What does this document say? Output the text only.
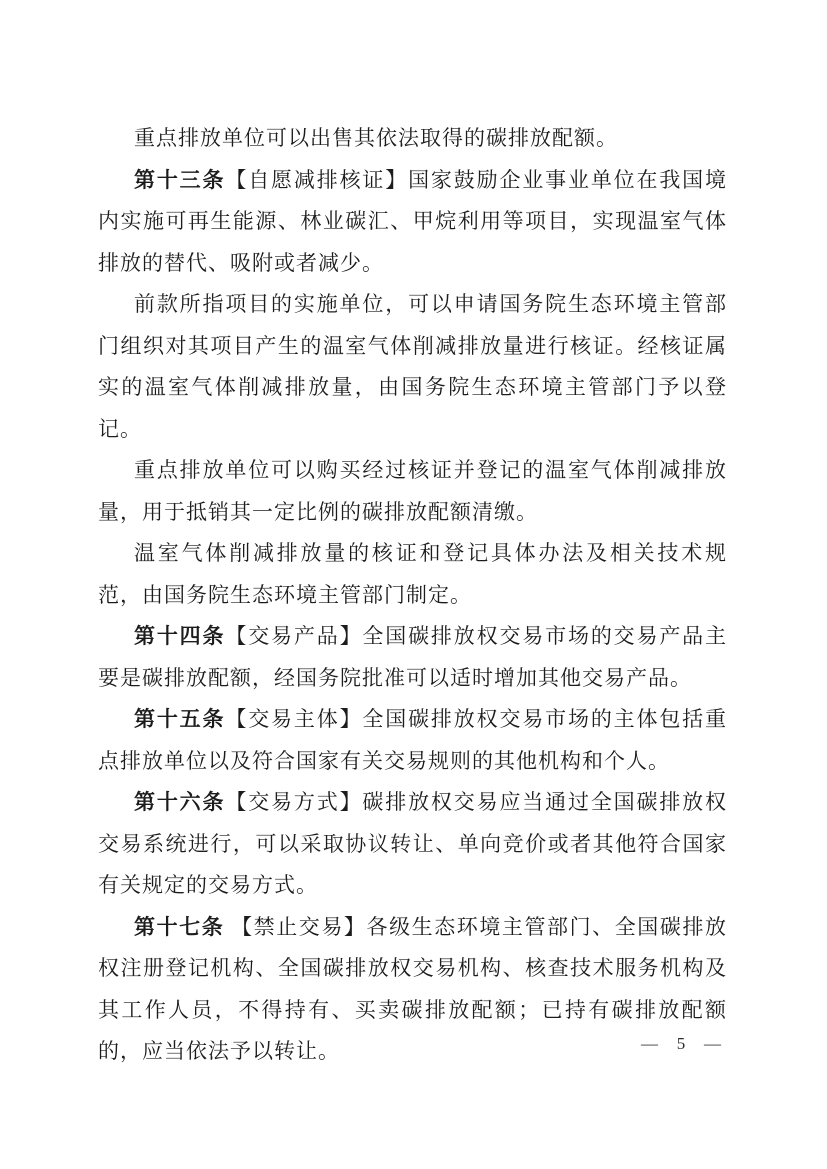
重点排放单位可以出售其依法取得的碳排放配额。

第十三条【自愿减排核证】国家鼓励企业事业单位在我国境内实施可再生能源、林业碳汇、甲烷利用等项目，实现温室气体排放的替代、吸附或者减少。

前款所指项目的实施单位，可以申请国务院生态环境主管部门组织对其项目产生的温室气体削减排放量进行核证。经核证属实的温室气体削减排放量，由国务院生态环境主管部门予以登记。

重点排放单位可以购买经过核证并登记的温室气体削减排放量，用于抵销其一定比例的碳排放配额清缴。

温室气体削减排放量的核证和登记具体办法及相关技术规范，由国务院生态环境主管部门制定。

第十四条【交易产品】全国碳排放权交易市场的交易产品主要是碳排放配额，经国务院批准可以适时增加其他交易产品。

第十五条【交易主体】全国碳排放权交易市场的主体包括重点排放单位以及符合国家有关交易规则的其他机构和个人。

第十六条【交易方式】碳排放权交易应当通过全国碳排放权交易系统进行，可以采取协议转让、单向竞价或者其他符合国家有关规定的交易方式。

第十七条 【禁止交易】各级生态环境主管部门、全国碳排放权注册登记机构、全国碳排放权交易机构、核查技术服务机构及其工作人员，不得持有、买卖碳排放配额；已持有碳排放配额的，应当依法予以转让。	— 5 —
